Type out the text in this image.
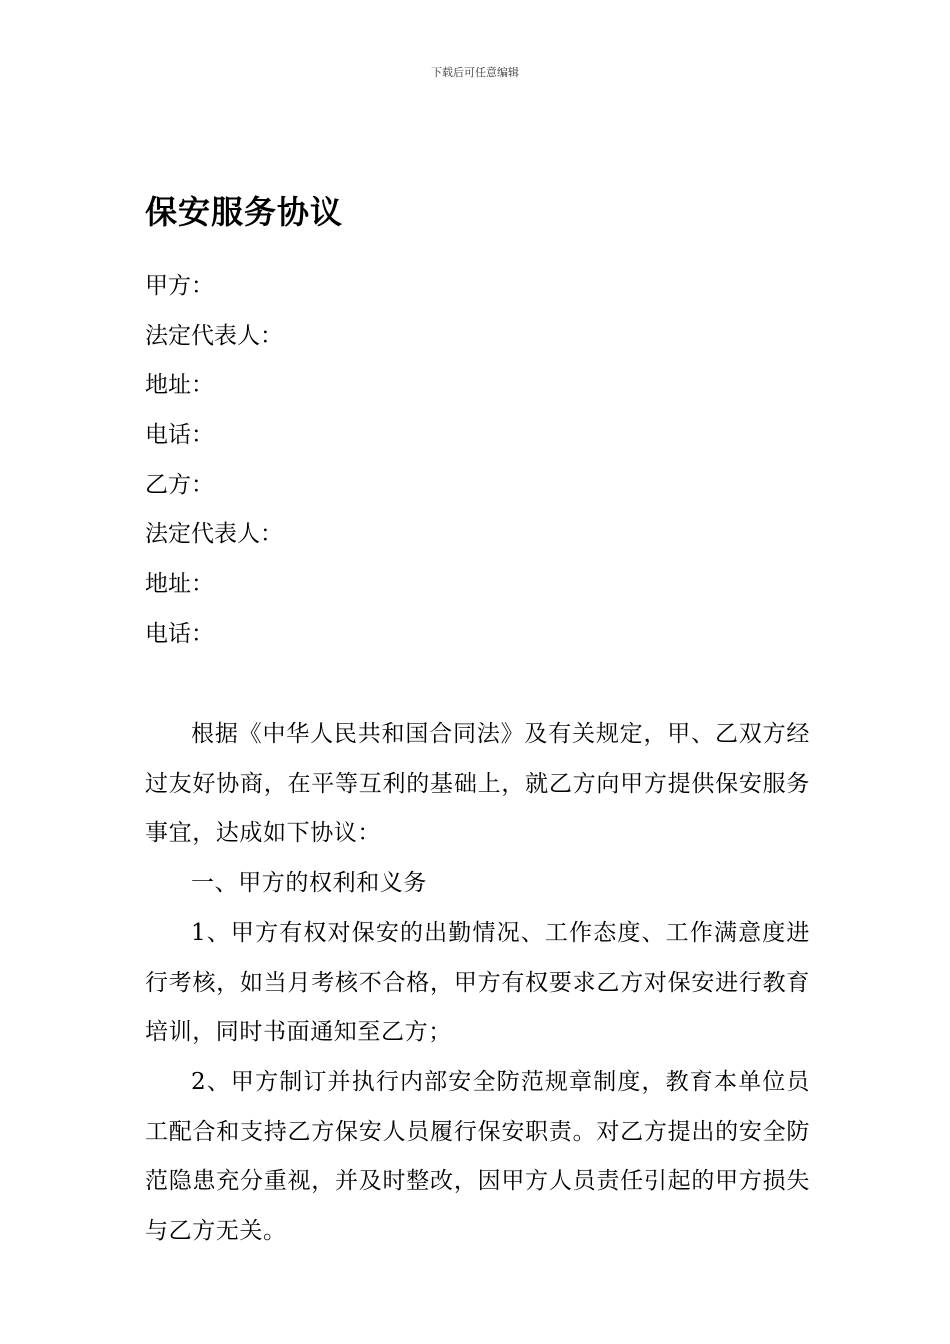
下载后可任意编辑
保安服务协议
甲方：
法定代表人：
地址：
电话：
乙方：
法定代表人：
地址：
电话：

根据《中华人民共和国合同法》及有关规定，甲、乙双方经过友好协商，在平等互利的基础上，就乙方向甲方提供保安服务事宜，达成如下协议：

一、甲方的权利和义务

1、甲方有权对保安的出勤情况、工作态度、工作满意度进行考核，如当月考核不合格，甲方有权要求乙方对保安进行教育培训，同时书面通知至乙方；

2、甲方制订并执行内部安全防范规章制度，教育本单位员工配合和支持乙方保安人员履行保安职责。对乙方提出的安全防范隐患充分重视，并及时整改，因甲方人员责任引起的甲方损失与乙方无关。
